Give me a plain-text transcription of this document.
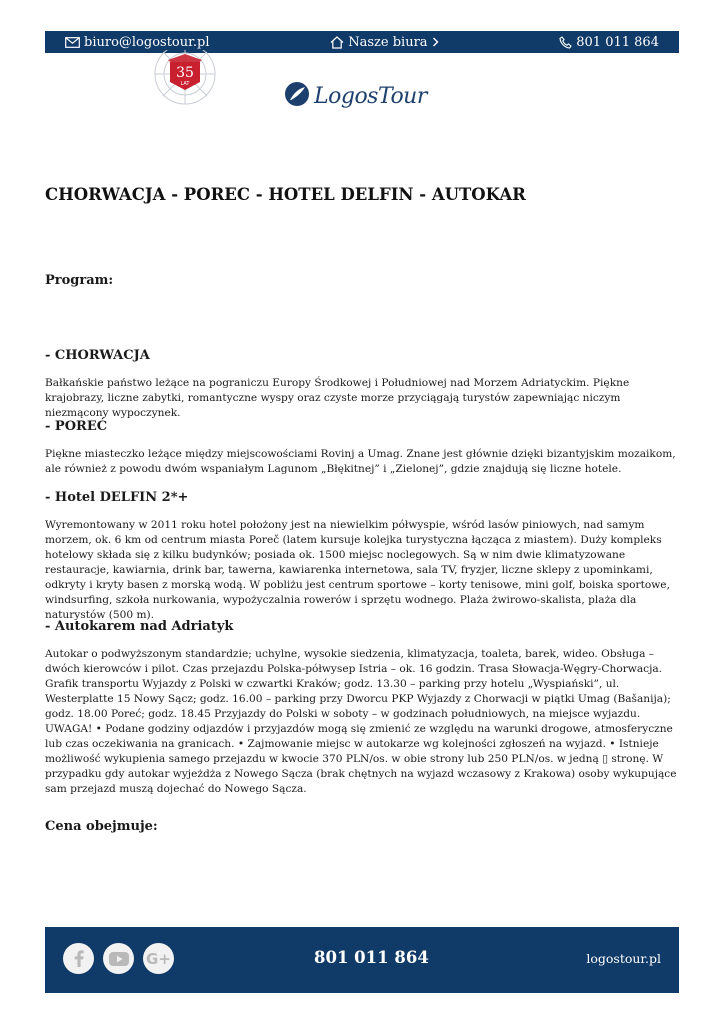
biuro@logostour.pl	Nasze biura	801 011 864
35
LAT	LogosTour
CHORWACJA - POREC - HOTEL DELFIN - AUTOKAR
Program:
- CHORWACJA

Bałkańskie państwo leżące na pograniczu Europy Środkowej i Południowej nad Morzem Adriatyckim. Piękne krajobrazy, liczne zabytki, romantyczne wyspy oraz czyste morze przyciągają turystów zapewniając niczym niezmącony wypoczynek.

- POREĆ

Piękne miasteczko leżące między miejscowościami Rovinj a Umag. Znane jest głównie dzięki bizantyjskim mozaikom, ale również z powodu dwóm wspaniałym Lagunom „Błękitnej” i „Zielonej”, gdzie znajdują się liczne hotele.

- Hotel DELFIN 2*+

Wyremontowany w 2011 roku hotel położony jest na niewielkim półwyspie, wśród lasów piniowych, nad samym morzem, ok. 6 km od centrum miasta Poreč (latem kursuje kolejka turystyczna łącząca z miastem). Duży kompleks hotelowy składa się z kilku budynków; posiada ok. 1500 miejsc noclegowych. Są w nim dwie klimatyzowane restauracje, kawiarnia, drink bar, tawerna, kawiarenka internetowa, sala TV, fryzjer, liczne sklepy z upominkami, odkryty i kryty basen z morską wodą. W pobliżu jest centrum sportowe – korty tenisowe, mini golf, boiska sportowe, windsurfing, szkoła nurkowania, wypożyczalnia rowerów i sprzętu wodnego. Plaża żwirowo-skalista, plaża dla naturystów (500 m).

- Autokarem nad Adriatyk

Autokar o podwyższonym standardzie; uchylne, wysokie siedzenia, klimatyzacja, toaleta, barek, wideo. Obsługa – dwóch kierowców i pilot. Czas przejazdu Polska-półwysep Istria – ok. 16 godzin. Trasa Słowacja-Węgry-Chorwacja. Grafik transportu Wyjazdy z Polski w czwartki Kraków; godz. 13.30 – parking przy hotelu „Wyspiański”, ul. Westerplatte 15 Nowy Sącz; godz. 16.00 – parking przy Dworcu PKP Wyjazdy z Chorwacji w piątki Umag (Bašanija); godz. 18.00 Poreć; godz. 18.45 Przyjazdy do Polski w soboty – w godzinach południowych, na miejsce wyjazdu. UWAGA! • Podane godziny odjazdów i przyjazdów mogą się zmienić ze względu na warunki drogowe, atmosferyczne lub czas oczekiwania na granicach. • Zajmowanie miejsc w autokarze wg kolejności zgłoszeń na wyjazd. • Istnieje możliwość wykupienia samego przejazdu w kwocie 370 PLN/os. w obie strony lub 250 PLN/os. w jedną ▯ stronę. W przypadku gdy autokar wyjeżdża z Nowego Sącza (brak chętnych na wyjazd wczasowy z Krakowa) osoby wykupujące sam przejazd muszą dojechać do Nowego Sącza.

Cena obejmuje:
G+	801 011 864	logostour.pl
